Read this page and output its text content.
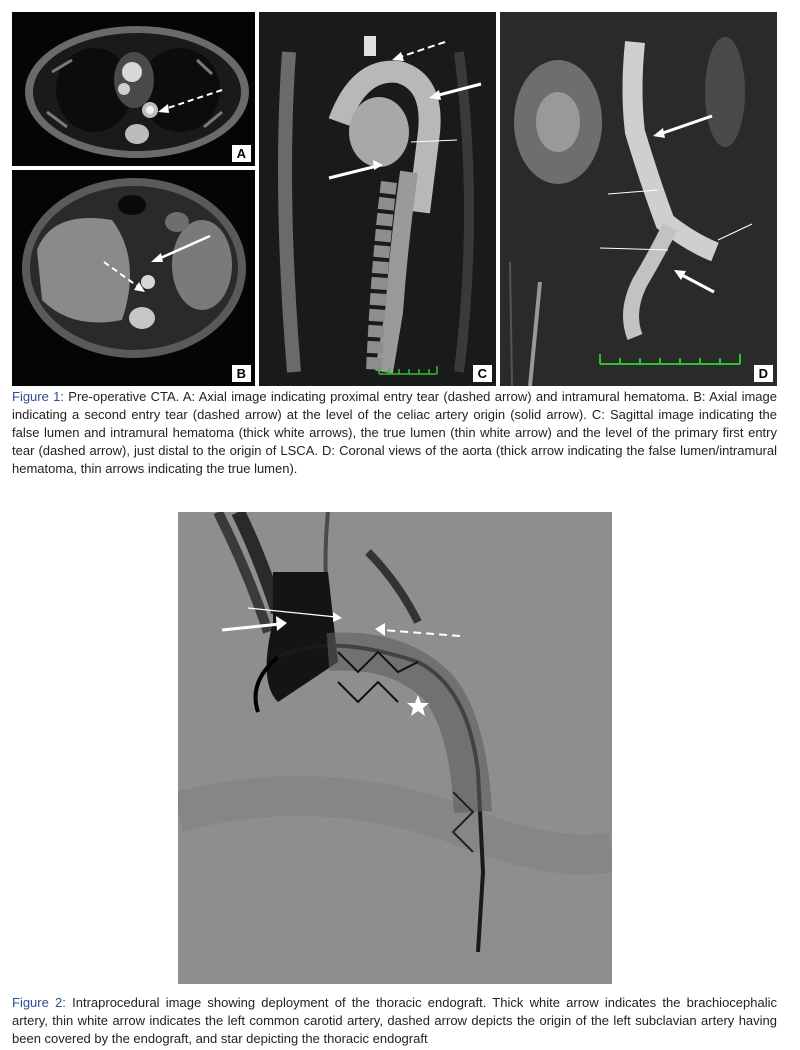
A
B	C	D

Figure 1: Pre-operative CTA. A: Axial image indicating proximal entry tear (dashed arrow) and intramural hematoma. B: Axial image indicating a second entry tear (dashed arrow) at the level of the celiac artery origin (solid arrow). C: Sagittal image indicating the false lumen and intramural hematoma (thick white arrows), the true lumen (thin white arrow) and the level of the primary first entry tear (dashed arrow), just distal to the origin of LSCA. D: Coronal views of the aorta (thick arrow indicating the false lumen/intramural hematoma, thin arrows indicating the true lumen).

Figure 2: Intraprocedural image showing deployment of the thoracic endograft. Thick white arrow indicates the brachiocephalic artery, thin white arrow indicates the left common carotid artery, dashed arrow depicts the origin of the left subclavian artery having been covered by the endograft, and star depicting the thoracic endograft
